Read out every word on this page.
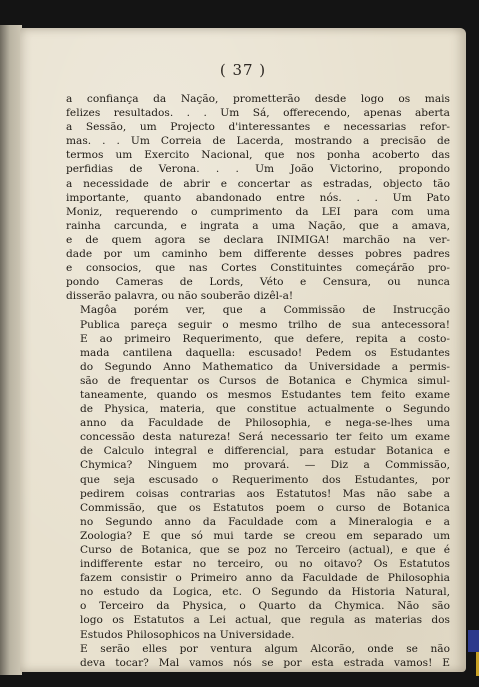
( 37 )

a confiança da Nação, prometterão desde logo os mais
felizes resultados. . . Um Sá, offerecendo, apenas aberta
a Sessão, um Projecto d'interessantes e necessarias refor-
mas. . . Um Correia de Lacerda, mostrando a precisão de
termos um Exercito Nacional, que nos ponha acoberto das
perfidias de Verona. . . Um João Victorino, propondo
a necessidade de abrir e concertar as estradas, objecto tão
importante, quanto abandonado entre nós. . . Um Pato
Moniz, requerendo o cumprimento da LEI para com uma
rainha carcunda, e ingrata a uma Nação, que a amava,
e de quem agora se declara INIMIGA! marchão na ver-
dade por um caminho bem differente desses pobres padres
e consocios, que nas Cortes Constituintes começárão pro-
pondo Cameras de Lords, Véto e Censura, ou nunca
disserão palavra, ou não souberão dizêl-a!

Magôa porém ver, que a Commissão de Instrucção
Publica pareça seguir o mesmo trilho de sua antecessora!
E ao primeiro Requerimento, que defere, repita a costo-
mada cantilena daquella: escusado! Pedem os Estudantes
do Segundo Anno Mathematico da Universidade a permis-
são de frequentar os Cursos de Botanica e Chymica simul-
taneamente, quando os mesmos Estudantes tem feito exame
de Physica, materia, que constitue actualmente o Segundo
anno da Faculdade de Philosophia, e nega-se-lhes uma
concessão desta natureza! Será necessario ter feito um exame
de Calculo integral e differencial, para estudar Botanica e
Chymica? Ninguem mo provará. — Diz a Commissão,
que seja escusado o Requerimento dos Estudantes, por
pedirem coisas contrarias aos Estatutos! Mas não sabe a
Commissão, que os Estatutos poem o curso de Botanica
no Segundo anno da Faculdade com a Mineralogia e a
Zoologia? E que só mui tarde se creou em separado um
Curso de Botanica, que se poz no Terceiro (actual), e que é
indifferente estar no terceiro, ou no oitavo? Os Estatutos
fazem consistir o Primeiro anno da Faculdade de Philosophia
no estudo da Logica, etc. O Segundo da Historia Natural,
o Terceiro da Physica, o Quarto da Chymica. Não são
logo os Estatutos a Lei actual, que regula as materias dos
Estudos Philosophicos na Universidade.

E serão elles por ventura algum Alcorão, onde se não
deva tocar? Mal vamos nós se por esta estrada vamos! E
